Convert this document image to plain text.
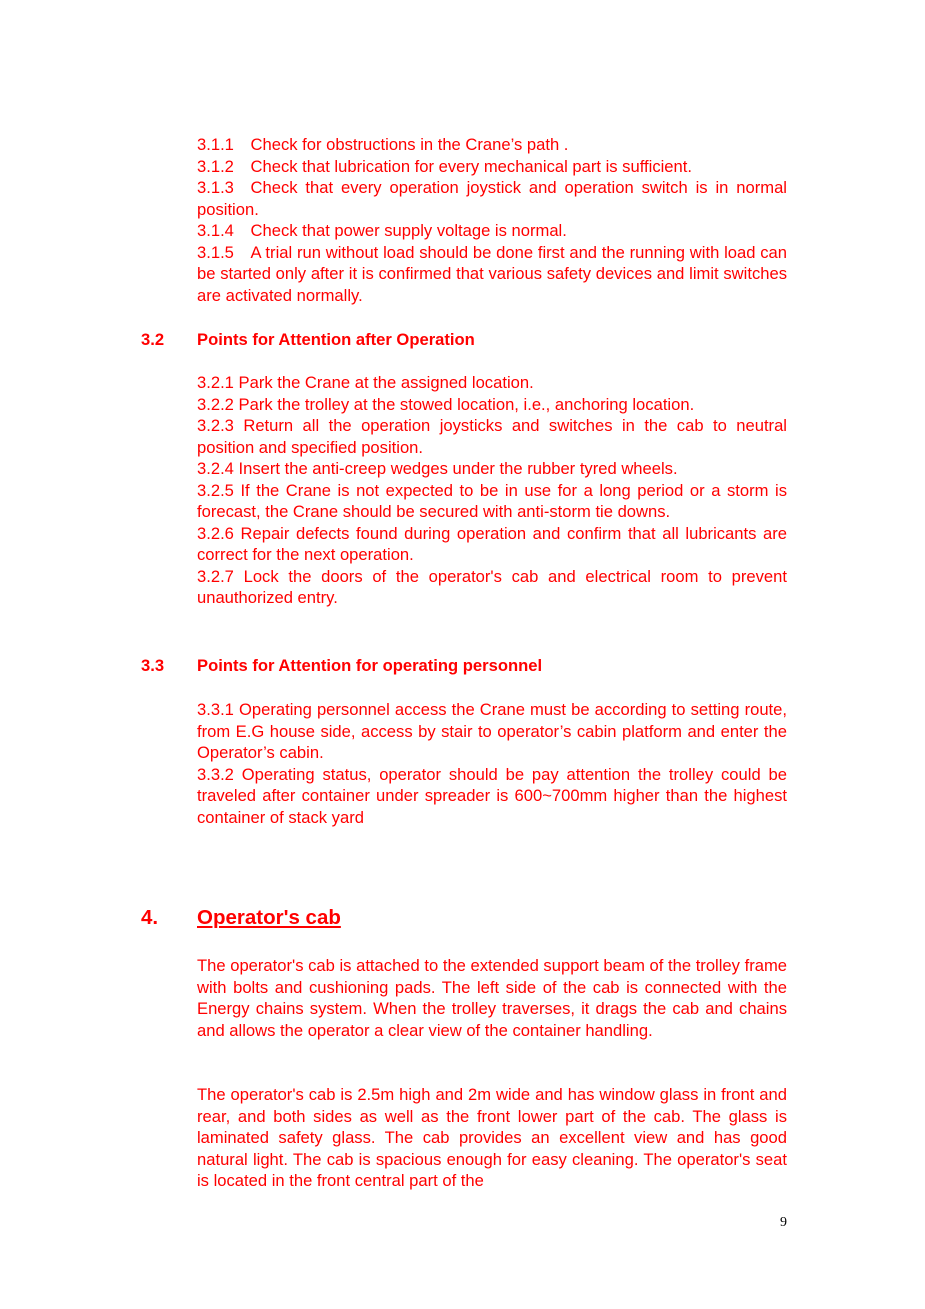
3.1.1 Check for obstructions in the Crane’s path .

3.1.2 Check that lubrication for every mechanical part is sufficient.

3.1.3 Check that every operation joystick and operation switch is in normal position.

3.1.4 Check that power supply voltage is normal.

3.1.5 A trial run without load should be done first and the running with load can be started only after it is confirmed that various safety devices and limit switches are activated normally.

3.2 Points for Attention after Operation

3.2.1 Park the Crane at the assigned location.

3.2.2 Park the trolley at the stowed location, i.e., anchoring location.

3.2.3 Return all the operation joysticks and switches in the cab to neutral position and specified position.

3.2.4 Insert the anti-creep wedges under the rubber tyred wheels.

3.2.5 If the Crane is not expected to be in use for a long period or a storm is forecast, the Crane should be secured with anti-storm tie downs.

3.2.6 Repair defects found during operation and confirm that all lubricants are correct for the next operation.

3.2.7 Lock the doors of the operator's cab and electrical room to prevent unauthorized entry.

3.3 Points for Attention for operating personnel

3.3.1 Operating personnel access the Crane must be according to setting route, from E.G house side, access by stair to operator’s cabin platform and enter the Operator’s cabin.

3.3.2 Operating status, operator should be pay attention the trolley could be traveled after container under spreader is 600~700mm higher than the highest container of stack yard

4. Operator's cab

The operator's cab is attached to the extended support beam of the trolley frame with bolts and cushioning pads. The left side of the cab is connected with the Energy chains system. When the trolley traverses, it drags the cab and chains and allows the operator a clear view of the container handling.

The operator's cab is 2.5m high and 2m wide and has window glass in front and rear, and both sides as well as the front lower part of the cab. The glass is laminated safety glass. The cab provides an excellent view and has good natural light. The cab is spacious enough for easy cleaning. The operator's seat is located in the front central part of the

9
